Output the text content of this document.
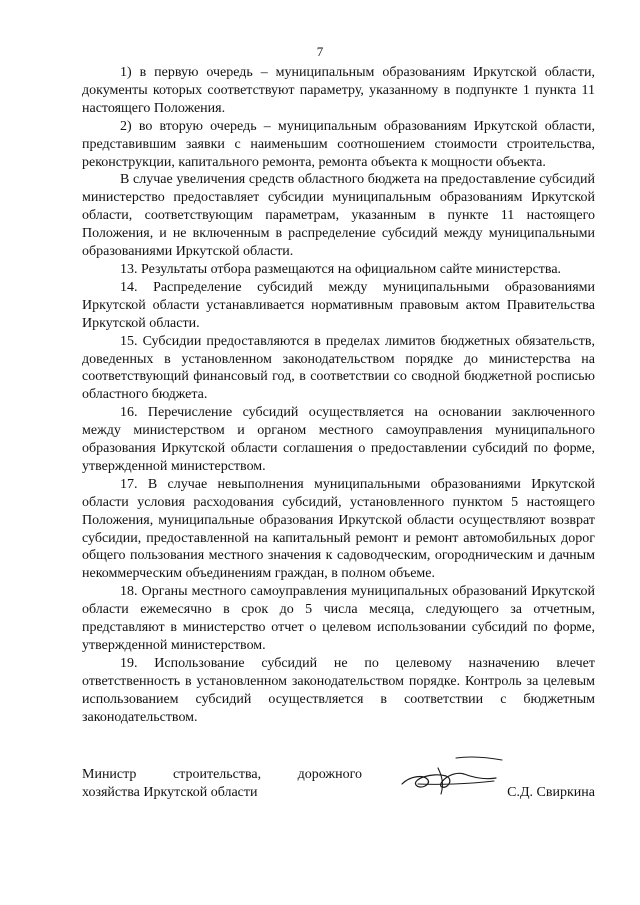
7

1) в первую очередь – муниципальным образованиям Иркутской области, документы которых соответствуют параметру, указанному в подпункте 1 пункта 11 настоящего Положения.

2) во вторую очередь – муниципальным образованиям Иркутской области, представившим заявки с наименьшим соотношением стоимости строительства, реконструкции, капитального ремонта, ремонта объекта к мощности объекта.

В случае увеличения средств областного бюджета на предоставление субсидий министерство предоставляет субсидии муниципальным образованиям Иркутской области, соответствующим параметрам, указанным в пункте 11 настоящего Положения, и не включенным в распределение субсидий между муниципальными образованиями Иркутской области.

13. Результаты отбора размещаются на официальном сайте министерства.

14. Распределение субсидий между муниципальными образованиями Иркутской области устанавливается нормативным правовым актом Правительства Иркутской области.

15. Субсидии предоставляются в пределах лимитов бюджетных обязательств, доведенных в установленном законодательством порядке до министерства на соответствующий финансовый год, в соответствии со сводной бюджетной росписью областного бюджета.

16. Перечисление субсидий осуществляется на основании заключенного между министерством и органом местного самоуправления муниципального образования Иркутской области соглашения о предоставлении субсидий по форме, утвержденной министерством.

17. В случае невыполнения муниципальными образованиями Иркутской области условия расходования субсидий, установленного пунктом 5 настоящего Положения, муниципальные образования Иркутской области осуществляют возврат субсидии, предоставленной на капитальный ремонт и ремонт автомобильных дорог общего пользования местного значения к садоводческим, огородническим и дачным некоммерческим объединениям граждан, в полном объеме.

18. Органы местного самоуправления муниципальных образований Иркутской области ежемесячно в срок до 5 числа месяца, следующего за отчетным, представляют в министерство отчет о целевом использовании субсидий по форме, утвержденной министерством.

19. Использование субсидий не по целевому назначению влечет ответственность в установленном законодательством порядке. Контроль за целевым использованием субсидий осуществляется в соответствии с бюджетным законодательством.

Министр строительства, дорожного
хозяйства Иркутской области	С.Д. Свиркина
